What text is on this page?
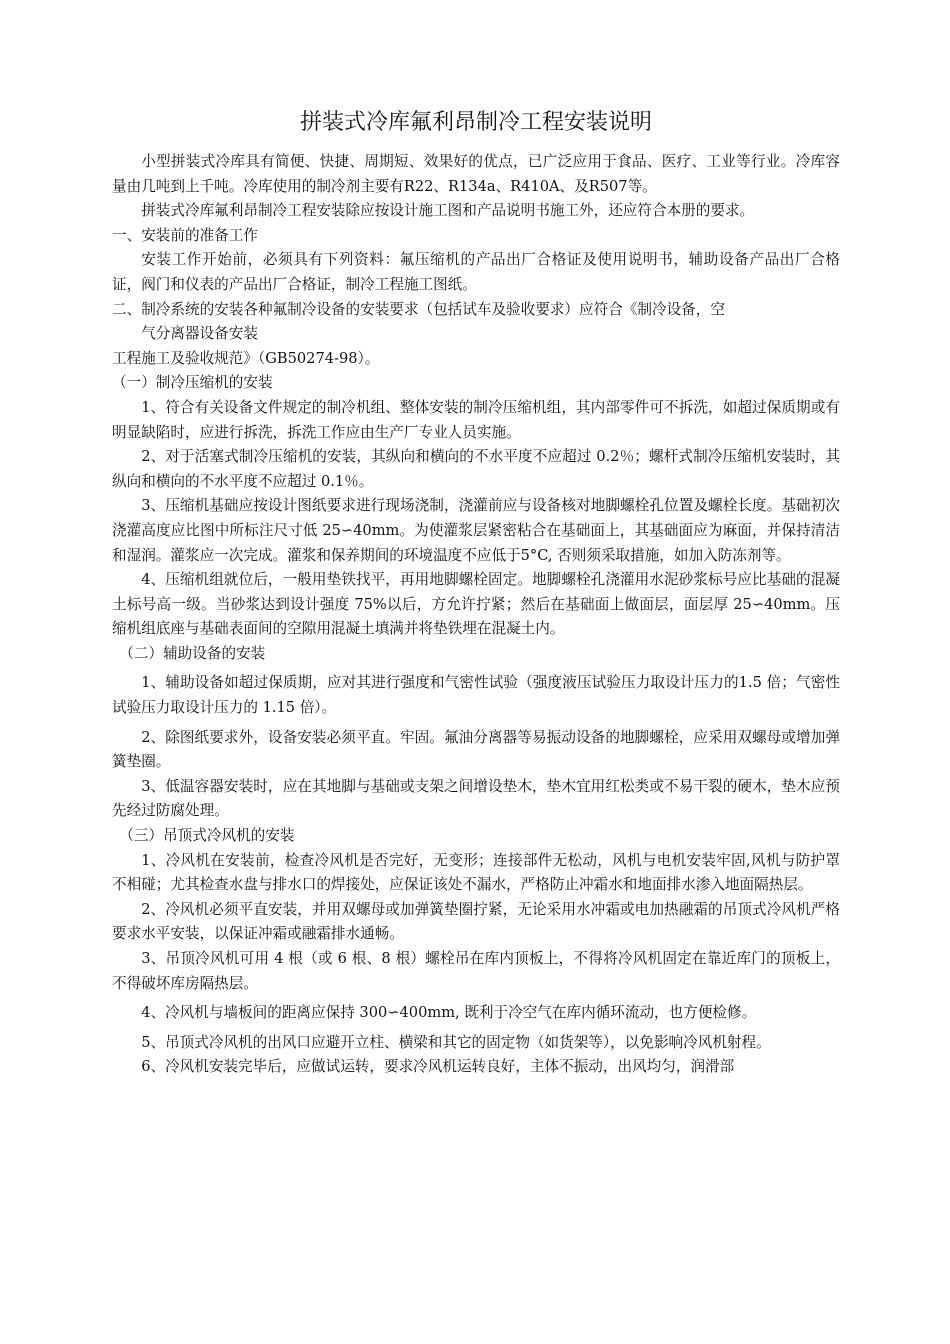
拼装式冷库氟利昂制冷工程安装说明

小型拼装式冷库具有简便、快捷、周期短、效果好的优点，已广泛应用于食品、医疗、工业等行业。冷库容量由几吨到上千吨。冷库使用的制冷剂主要有R22、R134a、R410A、及R507等。

拼装式冷库氟利昂制冷工程安装除应按设计施工图和产品说明书施工外，还应符合本册的要求。

一、安装前的准备工作

安装工作开始前，必须具有下列资料：氟压缩机的产品出厂合格证及使用说明书，辅助设备产品出厂合格证，阀门和仪表的产品出厂合格证，制冷工程施工图纸。

二、制冷系统的安装各种氟制冷设备的安装要求（包括试车及验收要求）应符合《制冷设备，空

气分离器设备安装

工程施工及验收规范》（GB50274-98）。

（一）制冷压缩机的安装

1、符合有关设备文件规定的制冷机组、整体安装的制冷压缩机组，其内部零件可不拆洗，如超过保质期或有明显缺陷时，应进行拆洗，拆洗工作应由生产厂专业人员实施。

2、对于活塞式制冷压缩机的安装，其纵向和横向的不水平度不应超过 0.2％；螺杆式制冷压缩机安装时，其纵向和横向的不水平度不应超过 0.1％。

3、压缩机基础应按设计图纸要求进行现场浇制，浇灌前应与设备核对地脚螺栓孔位置及螺栓长度。基础初次浇灌高度应比图中所标注尺寸低 25∽40mm。为使灌浆层紧密粘合在基础面上，其基础面应为麻面，并保持清洁和湿润。灌浆应一次完成。灌浆和保养期间的环境温度不应低于5°C, 否则须采取措施，如加入防冻剂等。

4、压缩机组就位后，一般用垫铁找平，再用地脚螺栓固定。地脚螺栓孔浇灌用水泥砂浆标号应比基础的混凝土标号高一级。当砂浆达到设计强度 75%以后，方允许拧紧；然后在基础面上做面层，面层厚 25∽40mm。压缩机组底座与基础表面间的空隙用混凝土填满并将垫铁埋在混凝土内。

（二）辅助设备的安装

1、辅助设备如超过保质期，应对其进行强度和气密性试验（强度液压试验压力取设计压力的1.5 倍；气密性试验压力取设计压力的 1.15 倍）。

2、除图纸要求外，设备安装必须平直。牢固。氟油分离器等易振动设备的地脚螺栓，应采用双螺母或增加弹簧垫圈。

3、低温容器安装时，应在其地脚与基础或支架之间增设垫木，垫木宜用红松类或不易干裂的硬木，垫木应预先经过防腐处理。

（三）吊顶式冷风机的安装

1、冷风机在安装前，检查冷风机是否完好，无变形；连接部件无松动，风机与电机安装牢固,风机与防护罩不相碰；尤其检查水盘与排水口的焊接处，应保证该处不漏水，严格防止冲霜水和地面排水渗入地面隔热层。

2、冷风机必须平直安装，并用双螺母或加弹簧垫圈拧紧，无论采用水冲霜或电加热融霜的吊顶式冷风机严格要求水平安装，以保证冲霜或融霜排水通畅。

3、吊顶冷风机可用 4 根（或 6 根、8 根）螺栓吊在库内顶板上，不得将冷风机固定在靠近库门的顶板上，不得破坏库房隔热层。

4、冷风机与墙板间的距离应保持 300∽400mm, 既利于冷空气在库内循环流动，也方便检修。

5、吊顶式冷风机的出风口应避开立柱、横梁和其它的固定物（如货架等），以免影响冷风机射程。

6、冷风机安装完毕后，应做试运转，要求冷风机运转良好，主体不振动，出风均匀，润滑部
